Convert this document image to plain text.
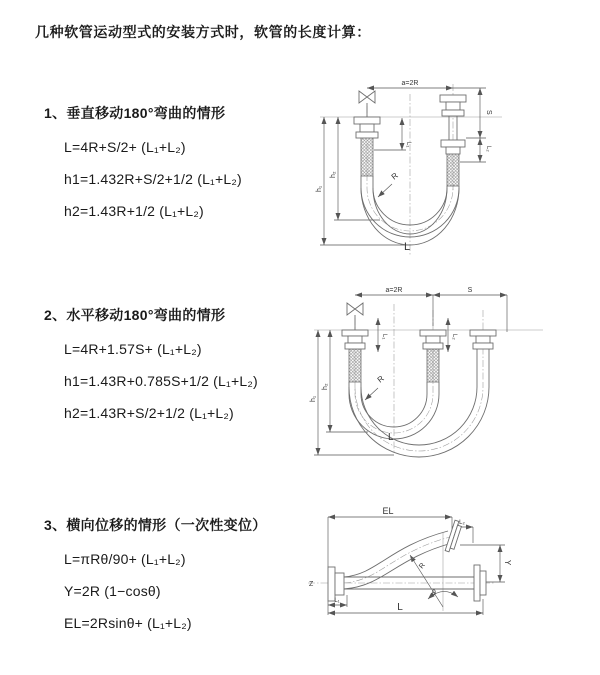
几种软管运动型式的安装方式时，软管的长度计算：
1、垂直移动180°弯曲的情形
L=4R+S/2+ (L₁+L₂)
h1=1.432R+S/2+1/2 (L₁+L₂)
h2=1.43R+1/2 (L₁+L₂)
2、水平移动180°弯曲的情形
L=4R+1.57S+ (L₁+L₂)
h1=1.43R+0.785S+1/2 (L₁+L₂)
h2=1.43R+S/2+1/2 (L₁+L₂)
3、横向位移的情形（一次性变位）
L=πRθ/90+ (L₁+L₂)
Y=2R (1−cosθ)
EL=2Rsinθ+ (L₁+L₂)
a=2R
S
L₂
h₁
h₂
L₁
R
L
a=2R	S
h₁
h₂
L₁	L₂
R
L
EL
L₂
Y
R
θ
L
L₁
Z
